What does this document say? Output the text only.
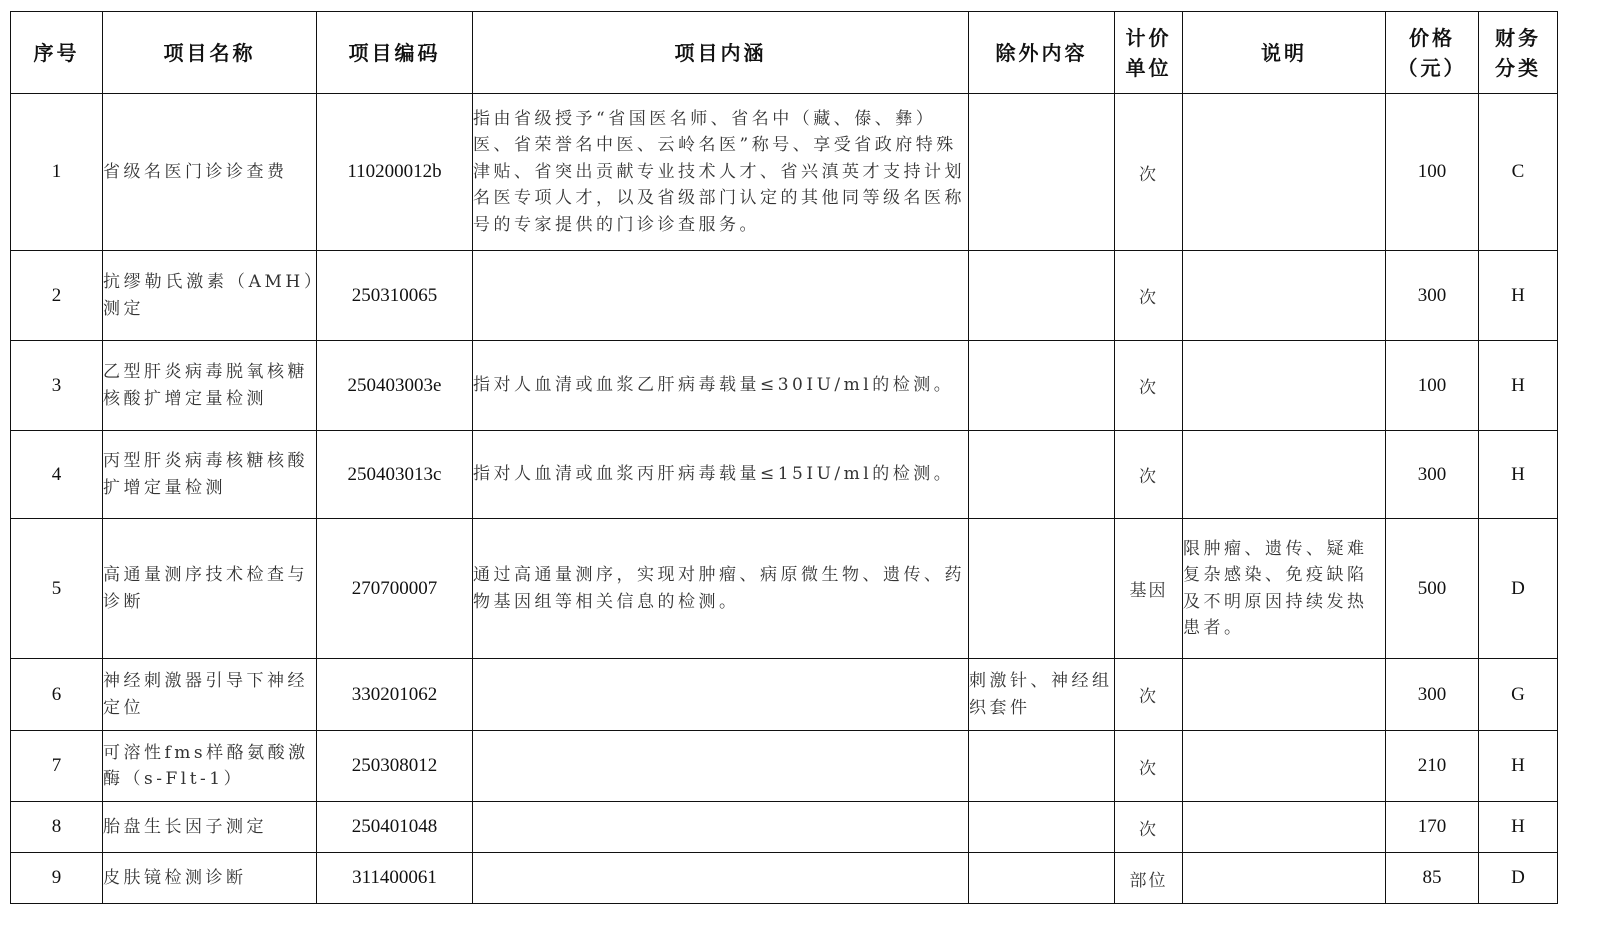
序号	项目名称	项目编码	项目内涵	除外内容	计价单位	说明	价格（元）	财务分类
1	省级名医门诊诊查费	110200012b	指由省级授予“省国医名师、省名中（藏、傣、彝）医、省荣誉名中医、云岭名医”称号、享受省政府特殊津贴、省突出贡献专业技术人才、省兴滇英才支持计划名医专项人才，以及省级部门认定的其他同等级名医称号的专家提供的门诊诊查服务。		次		100	C
2	抗缪勒氏激素（AMH）测定	250310065			次		300	H
3	乙型肝炎病毒脱氧核糖核酸扩增定量检测	250403003e	指对人血清或血浆乙肝病毒载量≤30IU/ml的检测。		次		100	H
4	丙型肝炎病毒核糖核酸扩增定量检测	250403013c	指对人血清或血浆丙肝病毒载量≤15IU/ml的检测。		次		300	H
5	高通量测序技术检查与诊断	270700007	通过高通量测序，实现对肿瘤、病原微生物、遗传、药物基因组等相关信息的检测。		基因	限肿瘤、遗传、疑难复杂感染、免疫缺陷及不明原因持续发热患者。	500	D
6	神经刺激器引导下神经定位	330201062		刺激针、神经组织套件	次		300	G
7	可溶性fms样酪氨酸激酶（s-Flt-1）	250308012			次		210	H
8	胎盘生长因子测定	250401048			次		170	H
9	皮肤镜检测诊断	311400061			部位		85	D
